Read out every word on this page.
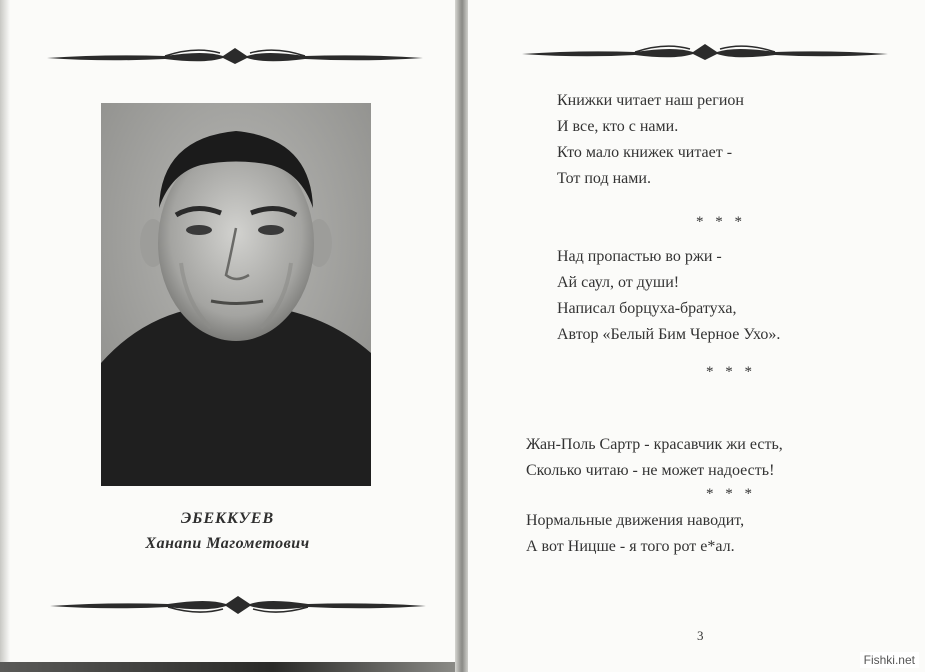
ЭБЕККУЕВ
Ханапи Магометович
Книжки читает наш регион
И все, кто с нами.
Кто мало книжек читает -
Тот под нами.
* * *
Над пропастью во ржи -
Ай саул, от души!
Написал борцуха-братуха,
Автор «Белый Бим Черное Ухо».
* * *
Жан-Поль Сартр - красавчик жи есть,
Сколько читаю - не может надоесть!
* * *
Нормальные движения наводит,
А вот Ницше - я того рот е*ал.
3
Fishki.net
